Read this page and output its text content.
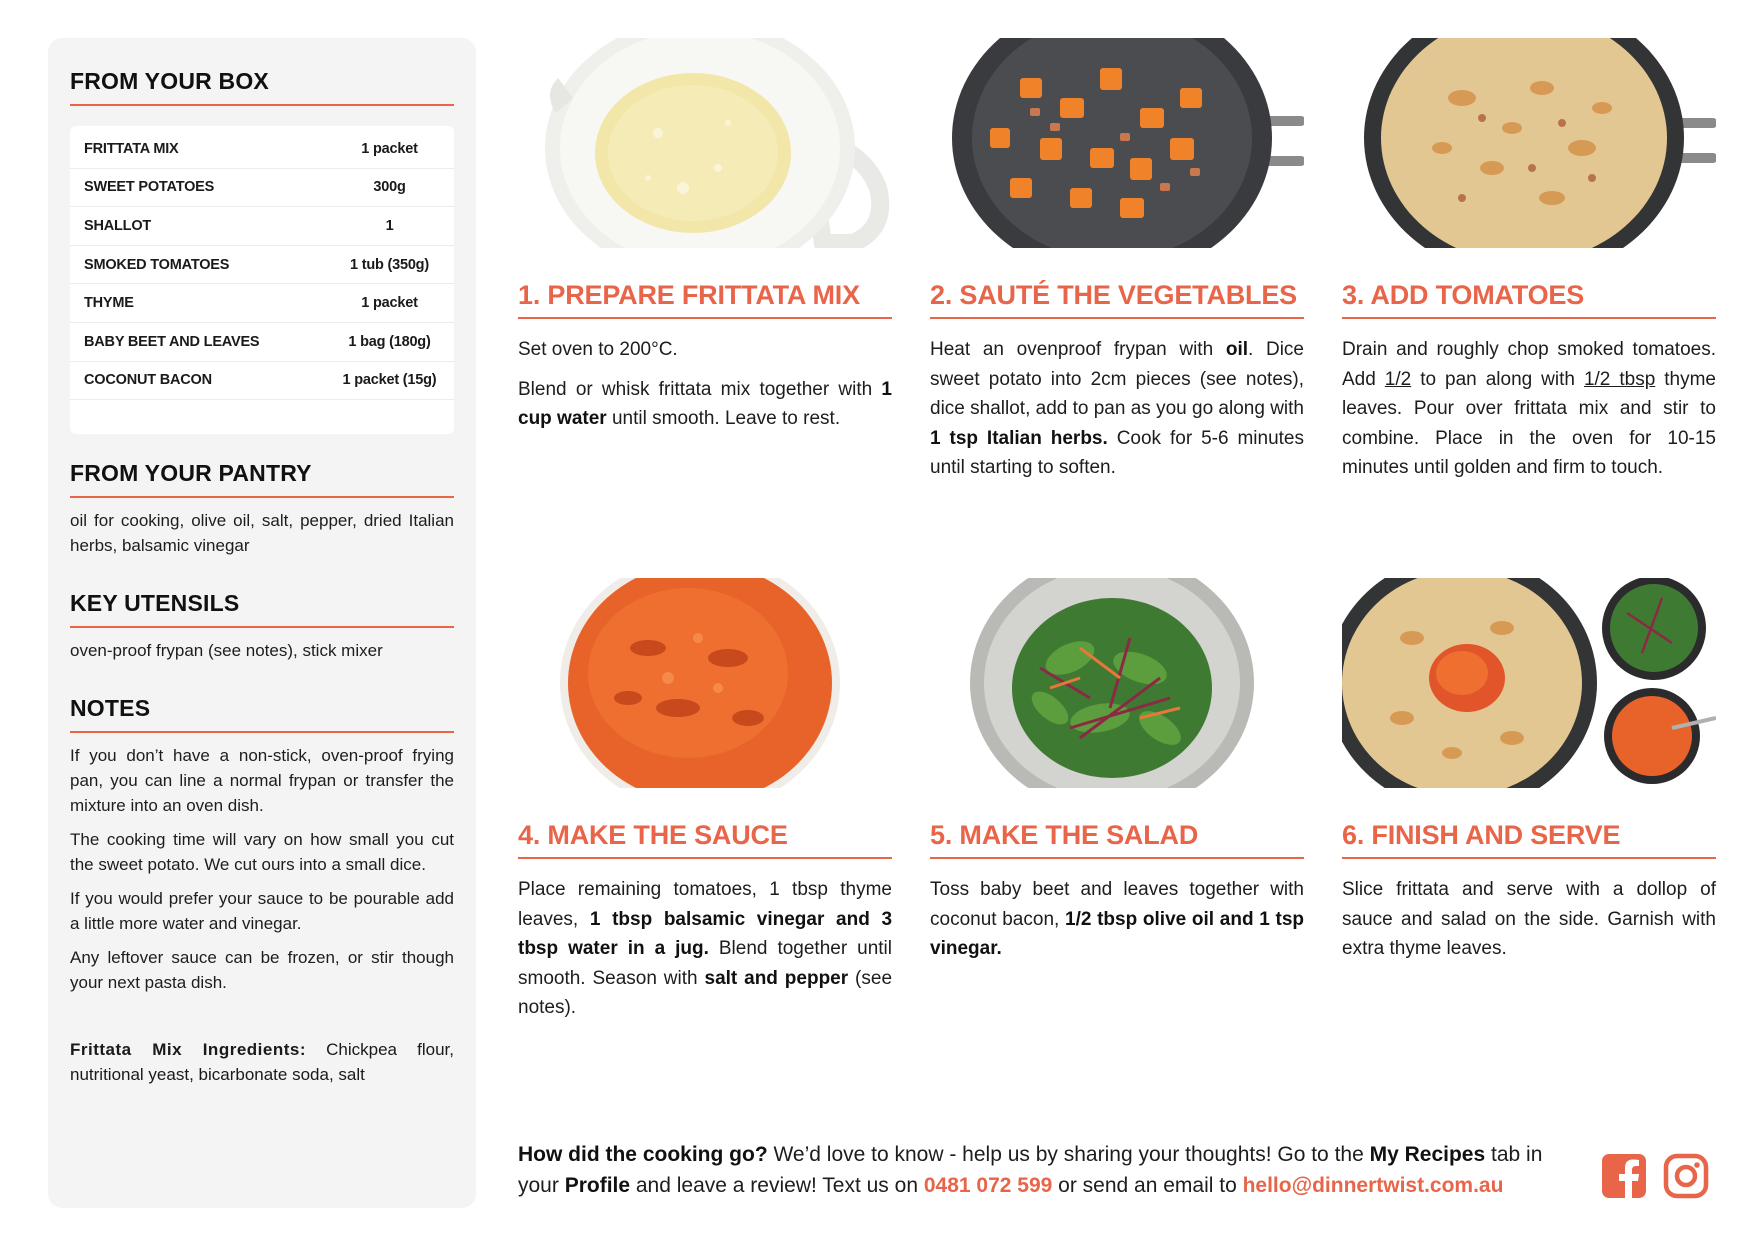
FROM YOUR BOX
FRITTATA MIX	1 packet
SWEET POTATOES	300g
SHALLOT	1
SMOKED TOMATOES	1 tub (350g)
THYME	1 packet
BABY BEET AND LEAVES	1 bag (180g)
COCONUT BACON	1 packet (15g)
FROM YOUR PANTRY

oil for cooking, olive oil, salt, pepper, dried Italian herbs, balsamic vinegar

KEY UTENSILS

oven-proof frypan (see notes), stick mixer

NOTES

If you don’t have a non-stick, oven-proof frying pan, you can line a normal frypan or transfer the mixture into an oven dish.

The cooking time will vary on how small you cut the sweet potato. We cut ours into a small dice.

If you would prefer your sauce to be pourable add a little more water and vinegar.

Any leftover sauce can be frozen, or stir though your next pasta dish.

Frittata Mix Ingredients: Chickpea flour, nutritional yeast, bicarbonate soda, salt

1. PREPARE FRITTATA MIX

Set oven to 200°C.

Blend or whisk frittata mix together with 1 cup water until smooth. Leave to rest.

2. SAUTÉ THE VEGETABLES

Heat an ovenproof frypan with oil. Dice sweet potato into 2cm pieces (see notes), dice shallot, add to pan as you go along with 1 tsp Italian herbs. Cook for 5-6 minutes until starting to soften.

3. ADD TOMATOES

Drain and roughly chop smoked tomatoes. Add 1/2 to pan along with 1/2 tbsp thyme leaves. Pour over frittata mix and stir to combine. Place in the oven for 10-15 minutes until golden and firm to touch.

4. MAKE THE SAUCE

Place remaining tomatoes, 1 tbsp thyme leaves, 1 tbsp balsamic vinegar and 3 tbsp water in a jug. Blend together until smooth. Season with salt and pepper (see notes).

5. MAKE THE SALAD

Toss baby beet and leaves together with coconut bacon, 1/2 tbsp olive oil and 1 tsp vinegar.

6. FINISH AND SERVE

Slice frittata and serve with a dollop of sauce and salad on the side. Garnish with extra thyme leaves.

How did the cooking go? We’d love to know - help us by sharing your thoughts! Go to the My Recipes tab in your Profile and leave a review! Text us on 0481 072 599 or send an email to hello@dinnertwist.com.au
